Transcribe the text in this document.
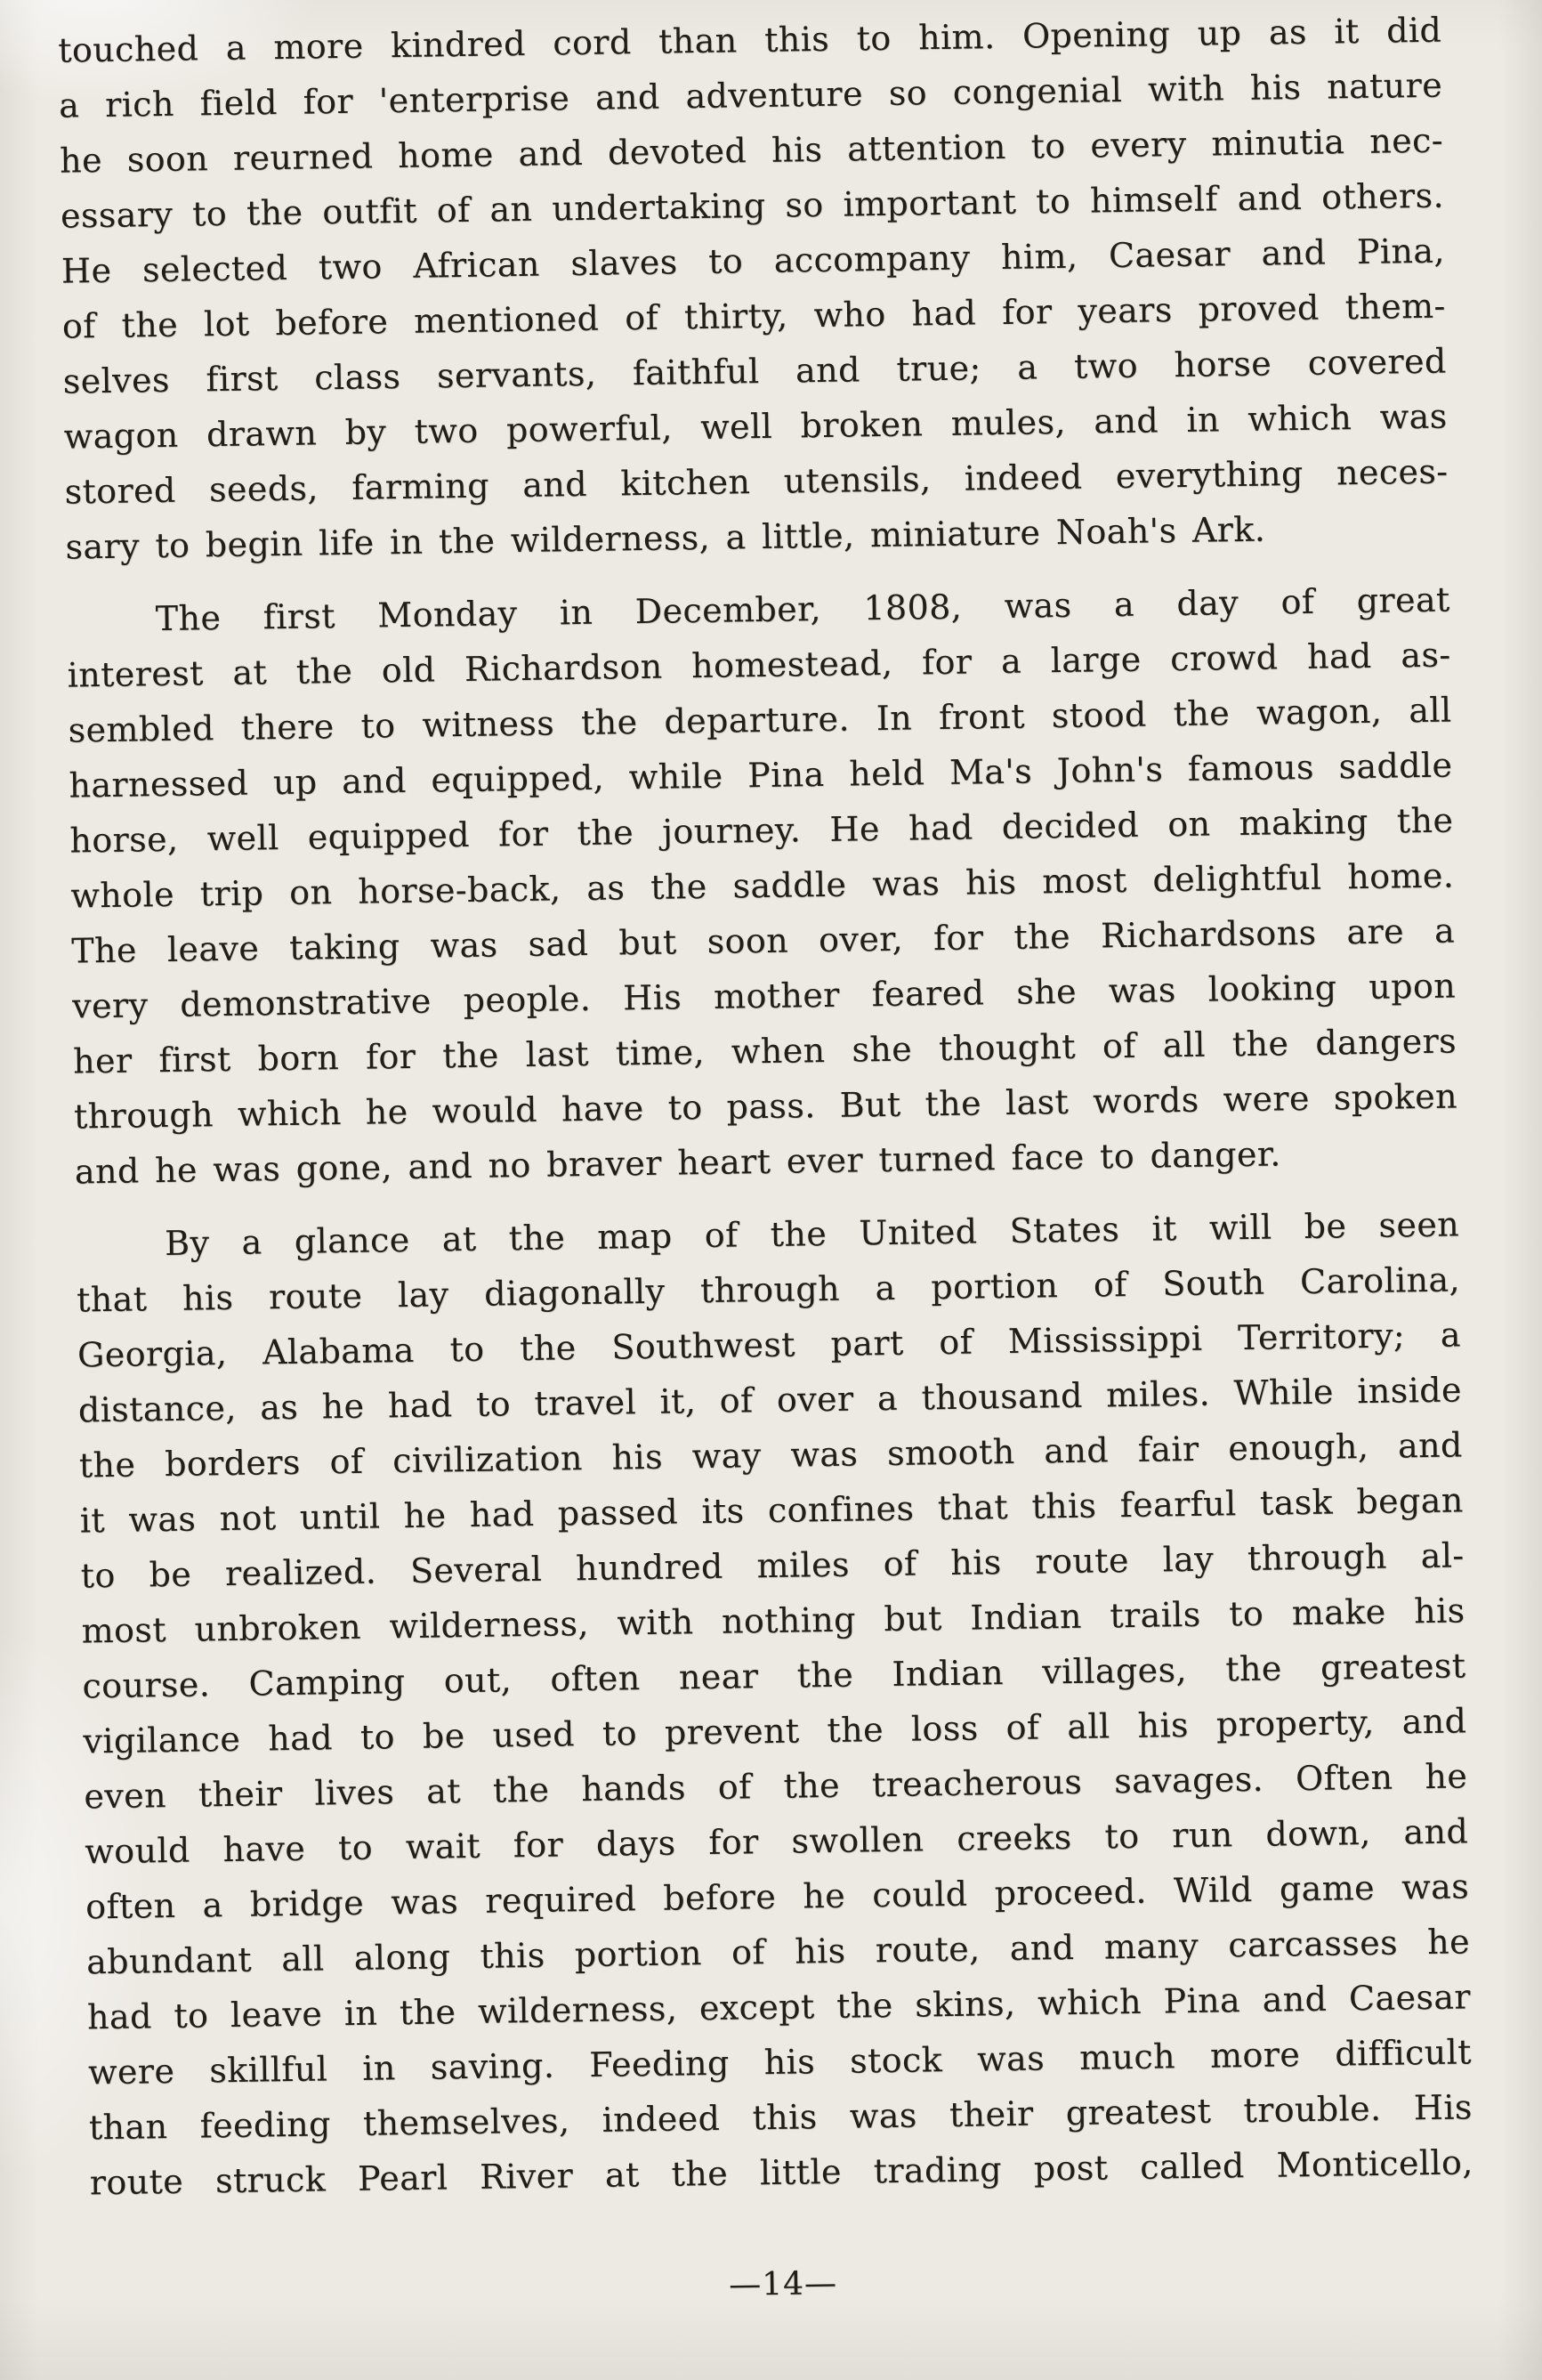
touched a more kindred cord than this to him. Opening up as it did
a rich field for 'enterprise and adventure so congenial with his nature
he soon reurned home and devoted his attention to every minutia nec-
essary to the outfit of an undertaking so important to himself and others.
He selected two African slaves to accompany him, Caesar and Pina,
of the lot before mentioned of thirty, who had for years proved them-
selves first class servants, faithful and true; a two horse covered
wagon drawn by two powerful, well broken mules, and in which was
stored seeds, farming and kitchen utensils, indeed everything neces-
sary to begin life in the wilderness, a little, miniature Noah's Ark.
The first Monday in December, 1808, was a day of great
interest at the old Richardson homestead, for a large crowd had as-
sembled there to witness the departure. In front stood the wagon, all
harnessed up and equipped, while Pina held Ma's John's famous saddle
horse, well equipped for the journey. He had decided on making the
whole trip on horse-back, as the saddle was his most delightful home.
The leave taking was sad but soon over, for the Richardsons are a
very demonstrative people. His mother feared she was looking upon
her first born for the last time, when she thought of all the dangers
through which he would have to pass. But the last words were spoken
and he was gone, and no braver heart ever turned face to danger.
By a glance at the map of the United States it will be seen
that his route lay diagonally through a portion of South Carolina,
Georgia, Alabama to the Southwest part of Mississippi Territory; a
distance, as he had to travel it, of over a thousand miles. While inside
the borders of civilization his way was smooth and fair enough, and
it was not until he had passed its confines that this fearful task began
to be realized. Several hundred miles of his route lay through al-
most unbroken wilderness, with nothing but Indian trails to make his
course. Camping out, often near the Indian villages, the greatest
vigilance had to be used to prevent the loss of all his property, and
even their lives at the hands of the treacherous savages. Often he
would have to wait for days for swollen creeks to run down, and
often a bridge was required before he could proceed. Wild game was
abundant all along this portion of his route, and many carcasses he
had to leave in the wilderness, except the skins, which Pina and Caesar
were skillful in saving. Feeding his stock was much more difficult
than feeding themselves, indeed this was their greatest trouble. His
route struck Pearl River at the little trading post called Monticello,
—14—
